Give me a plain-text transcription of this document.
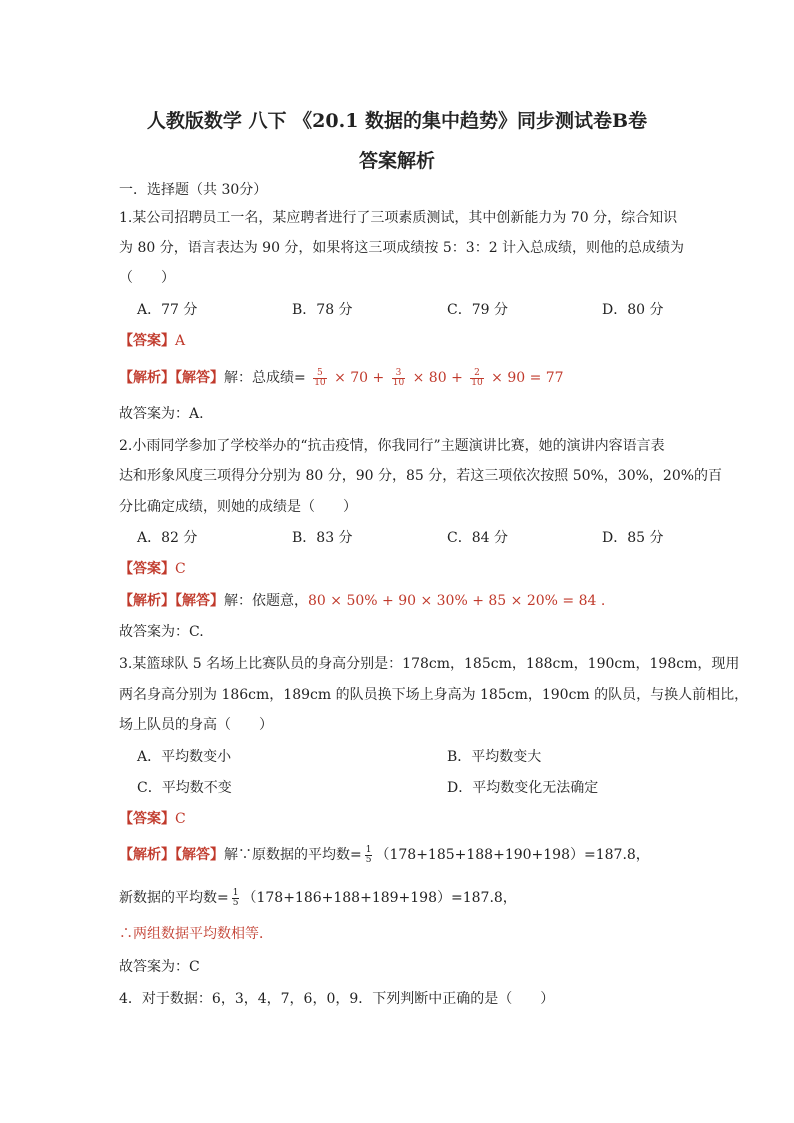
人教版数学 八下 《20.1 数据的集中趋势》同步测试卷B卷
答案解析
一．选择题（共 30分）
1.某公司招聘员工一名，某应聘者进行了三项素质测试，其中创新能力为 70 分，综合知识
为 80 分，语言表达为 90 分，如果将这三项成绩按 5：3：2 计入总成绩，则他的总成绩为
（　　）
A．77 分	B．78 分	C．79 分	D．80 分
【答案】A
【解析】【解答】解：总成绩= $\frac{5}{10} \times 70 + \frac{3}{10} \times 80 + \frac{2}{10} \times 90 = 77$
故答案为：A.
2.小雨同学参加了学校举办的“抗击疫情，你我同行”主题演讲比赛，她的演讲内容语言表
达和形象风度三项得分分别为 80 分，90 分，85 分，若这三项依次按照 50%，30%，20%的百
分比确定成绩，则她的成绩是（　　）
A．82 分	B．83 分	C．84 分	D．85 分
【答案】C
【解析】【解答】解：依题意，80 × 50% + 90 × 30% + 85 × 20% = 84 .
故答案为：C.
3.某篮球队 5 名场上比赛队员的身高分别是：178cm，185cm，188cm，190cm，198cm，现用
两名身高分别为 186cm，189cm 的队员换下场上身高为 185cm，190cm 的队员，与换人前相比，
场上队员的身高（　　）
A．平均数变小	B．平均数变大
C．平均数不变	D．平均数变化无法确定
【答案】C
【解析】【解答】解∵原数据的平均数= $\frac{1}{5} (178+185+188+190+198)=187.8$，
新数据的平均数= $\frac{1}{5} (178+186+188+189+198)=187.8$，
∴两组数据平均数相等．
故答案为：C
4．对于数据：6，3，4，7，6，0，9．下列判断中正确的是（　　）
